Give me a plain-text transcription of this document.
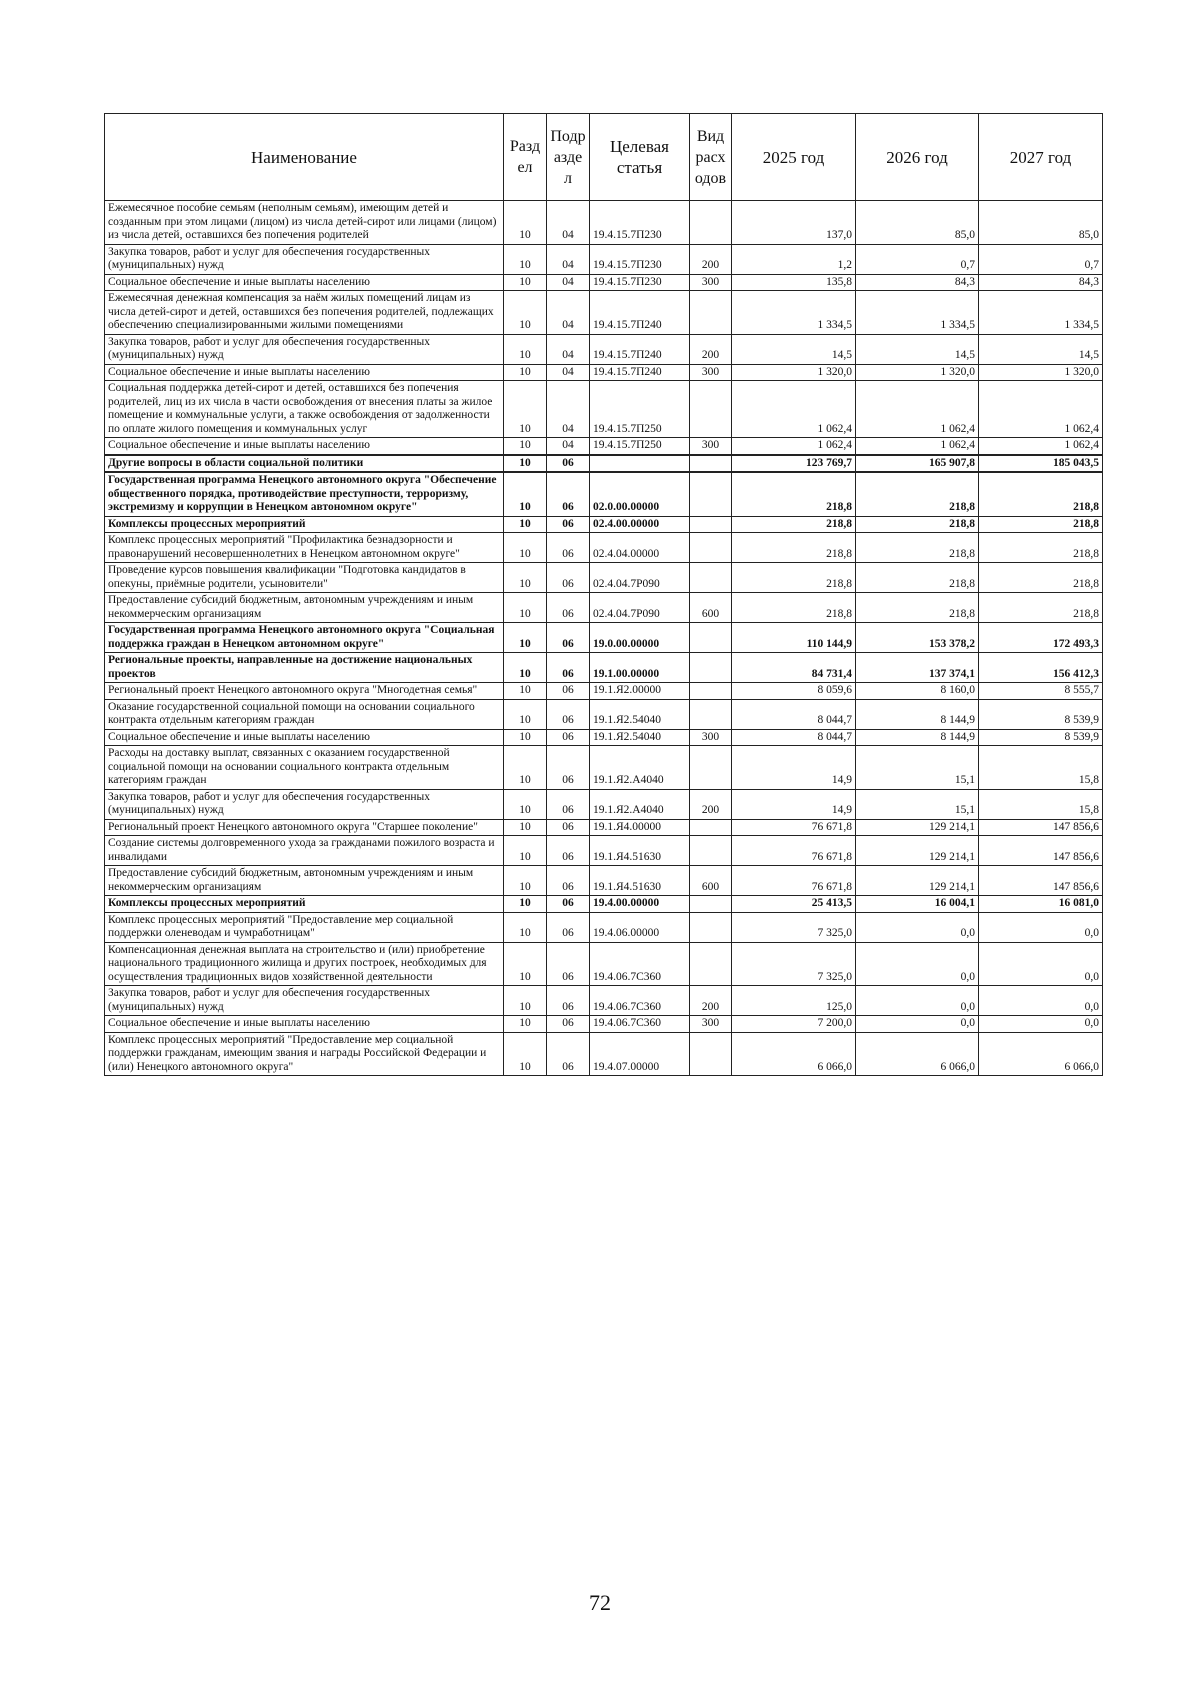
Наименование	Разд ел	Подр азде л	Целевая статья	Вид расх одов	2025 год	2026 год	2027 год
Ежемесячное пособие семьям (неполным семьям), имеющим детей и созданным при этом лицами (лицом) из числа детей-сирот или лицами (лицом) из числа детей, оставшихся без попечения родителей	10	04	19.4.15.7П230		137,0	85,0	85,0
Закупка товаров, работ и услуг для обеспечения государственных (муниципальных) нужд	10	04	19.4.15.7П230	200	1,2	0,7	0,7
Социальное обеспечение и иные выплаты населению	10	04	19.4.15.7П230	300	135,8	84,3	84,3
Ежемесячная денежная компенсация за наём жилых помещений лицам из числа детей-сирот и детей, оставшихся без попечения родителей, подлежащих обеспечению специализированными жилыми помещениями	10	04	19.4.15.7П240		1 334,5	1 334,5	1 334,5
Закупка товаров, работ и услуг для обеспечения государственных (муниципальных) нужд	10	04	19.4.15.7П240	200	14,5	14,5	14,5
Социальное обеспечение и иные выплаты населению	10	04	19.4.15.7П240	300	1 320,0	1 320,0	1 320,0
Социальная поддержка детей-сирот и детей, оставшихся без попечения родителей, лиц из их числа в части освобождения от внесения платы за жилое помещение и коммунальные услуги, а также освобождения от задолженности по оплате жилого помещения и коммунальных услуг	10	04	19.4.15.7П250		1 062,4	1 062,4	1 062,4
Социальное обеспечение и иные выплаты населению	10	04	19.4.15.7П250	300	1 062,4	1 062,4	1 062,4
Другие вопросы в области социальной политики	10	06			123 769,7	165 907,8	185 043,5
Государственная программа Ненецкого автономного округа "Обеспечение общественного порядка, противодействие преступности, терроризму, экстремизму и коррупции в Ненецком автономном округе"	10	06	02.0.00.00000		218,8	218,8	218,8
Комплексы процессных мероприятий	10	06	02.4.00.00000		218,8	218,8	218,8
Комплекс процессных мероприятий "Профилактика безнадзорности и правонарушений несовершеннолетних в Ненецком автономном округе"	10	06	02.4.04.00000		218,8	218,8	218,8
Проведение курсов повышения квалификации "Подготовка кандидатов в опекуны, приёмные родители, усыновители"	10	06	02.4.04.7Р090		218,8	218,8	218,8
Предоставление субсидий бюджетным, автономным учреждениям и иным некоммерческим организациям	10	06	02.4.04.7Р090	600	218,8	218,8	218,8
Государственная программа Ненецкого автономного округа "Социальная поддержка граждан в Ненецком автономном округе"	10	06	19.0.00.00000		110 144,9	153 378,2	172 493,3
Региональные проекты, направленные на достижение национальных проектов	10	06	19.1.00.00000		84 731,4	137 374,1	156 412,3
Региональный проект Ненецкого автономного округа "Многодетная семья"	10	06	19.1.Я2.00000		8 059,6	8 160,0	8 555,7
Оказание государственной социальной помощи на основании социального контракта отдельным категориям граждан	10	06	19.1.Я2.54040		8 044,7	8 144,9	8 539,9
Социальное обеспечение и иные выплаты населению	10	06	19.1.Я2.54040	300	8 044,7	8 144,9	8 539,9
Расходы на доставку выплат, связанных с оказанием государственной социальной помощи на основании социального контракта отдельным категориям граждан	10	06	19.1.Я2.А4040		14,9	15,1	15,8
Закупка товаров, работ и услуг для обеспечения государственных (муниципальных) нужд	10	06	19.1.Я2.А4040	200	14,9	15,1	15,8
Региональный проект Ненецкого автономного округа "Старшее поколение"	10	06	19.1.Я4.00000		76 671,8	129 214,1	147 856,6
Создание системы долговременного ухода за гражданами пожилого возраста и инвалидами	10	06	19.1.Я4.51630		76 671,8	129 214,1	147 856,6
Предоставление субсидий бюджетным, автономным учреждениям и иным некоммерческим организациям	10	06	19.1.Я4.51630	600	76 671,8	129 214,1	147 856,6
Комплексы процессных мероприятий	10	06	19.4.00.00000		25 413,5	16 004,1	16 081,0
Комплекс процессных мероприятий "Предоставление мер социальной поддержки оленеводам и чумработницам"	10	06	19.4.06.00000		7 325,0	0,0	0,0
Компенсационная денежная выплата на строительство и (или) приобретение национального традиционного жилища и других построек, необходимых для осуществления традиционных видов хозяйственной деятельности	10	06	19.4.06.7С360		7 325,0	0,0	0,0
Закупка товаров, работ и услуг для обеспечения государственных (муниципальных) нужд	10	06	19.4.06.7С360	200	125,0	0,0	0,0
Социальное обеспечение и иные выплаты населению	10	06	19.4.06.7С360	300	7 200,0	0,0	0,0
Комплекс процессных мероприятий "Предоставление мер социальной поддержки гражданам, имеющим звания и награды Российской Федерации и (или) Ненецкого автономного округа"	10	06	19.4.07.00000		6 066,0	6 066,0	6 066,0
72
